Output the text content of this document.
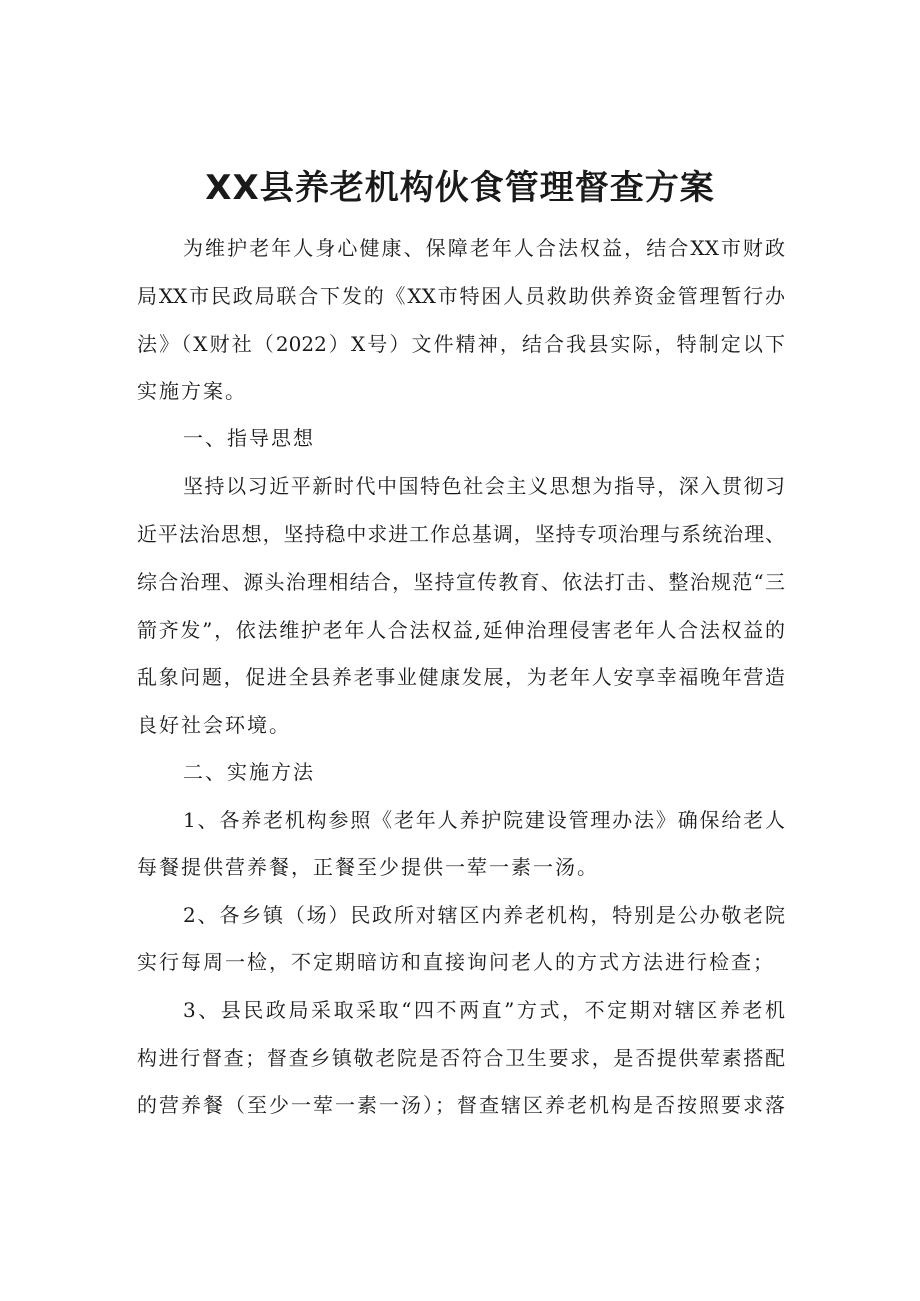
XX县养老机构伙食管理督查方案
为维护老年人身心健康、保障老年人合法权益，结合XX市财政
局XX市民政局联合下发的《XX市特困人员救助供养资金管理暂行办
法》（X财社（2022）X号）文件精神，结合我县实际，特制定以下
实施方案。
一、指导思想
坚持以习近平新时代中国特色社会主义思想为指导，深入贯彻习
近平法治思想，坚持稳中求进工作总基调，坚持专项治理与系统治理、
综合治理、源头治理相结合，坚持宣传教育、依法打击、整治规范“三
箭齐发”，依法维护老年人合法权益,延伸治理侵害老年人合法权益的
乱象问题，促进全县养老事业健康发展，为老年人安享幸福晚年营造
良好社会环境。
二、实施方法
1、各养老机构参照《老年人养护院建设管理办法》确保给老人
每餐提供营养餐，正餐至少提供一荤一素一汤。
2、各乡镇（场）民政所对辖区内养老机构，特别是公办敬老院
实行每周一检，不定期暗访和直接询问老人的方式方法进行检查；
3、县民政局采取采取“四不两直”方式，不定期对辖区养老机
构进行督查；督查乡镇敬老院是否符合卫生要求，是否提供荤素搭配
的营养餐（至少一荤一素一汤）；督查辖区养老机构是否按照要求落
